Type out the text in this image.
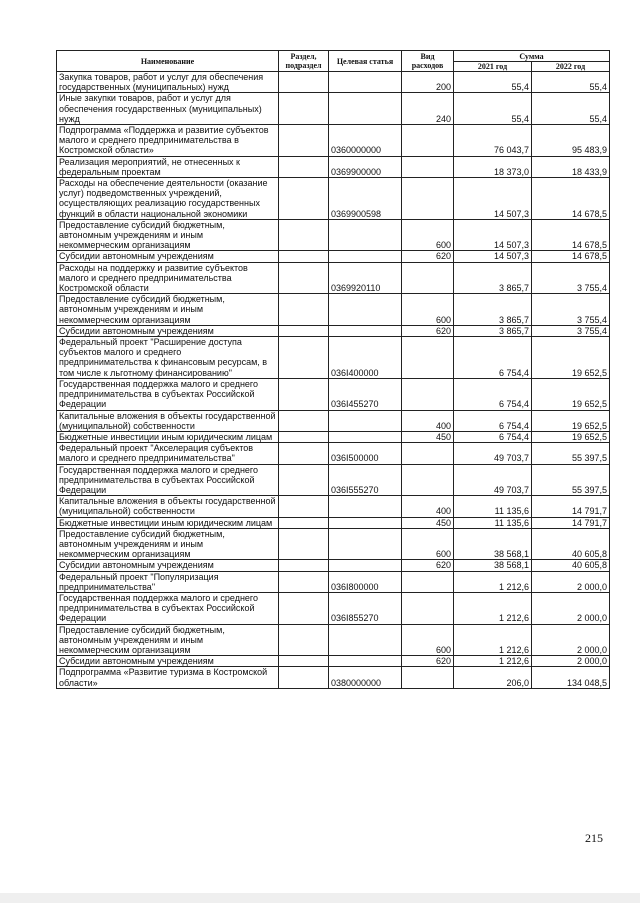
Наименование	Раздел, подраздел	Целевая статья	Вид расходов	Сумма	
				2021 год	2022 год
Закупка товаров, работ и услуг для обеспечения государственных (муниципальных) нужд			200	55,4	55,4
Иные закупки товаров, работ и услуг для обеспечения государственных (муниципальных) нужд			240	55,4	55,4
Подпрограмма «Поддержка и развитие субъектов малого и среднего предпринимательства в Костромской области»		0360000000		76 043,7	95 483,9
Реализация мероприятий, не отнесенных к федеральным проектам		0369900000		18 373,0	18 433,9
Расходы на обеспечение деятельности (оказание услуг) подведомственных учреждений, осуществляющих реализацию государственных функций в области национальной экономики		0369900598		14 507,3	14 678,5
Предоставление субсидий бюджетным, автономным учреждениям и иным некоммерческим организациям			600	14 507,3	14 678,5
Субсидии автономным учреждениям			620	14 507,3	14 678,5
Расходы на поддержку и развитие субъектов малого и среднего предпринимательства Костромской области		0369920110		3 865,7	3 755,4
Предоставление субсидий бюджетным, автономным учреждениям и иным некоммерческим организациям			600	3 865,7	3 755,4
Субсидии автономным учреждениям			620	3 865,7	3 755,4
Федеральный проект "Расширение доступа субъектов малого и среднего предпринимательства к финансовым ресурсам, в том числе к льготному финансированию"		036I400000		6 754,4	19 652,5
Государственная поддержка малого и среднего предпринимательства в субъектах Российской Федерации		036I455270		6 754,4	19 652,5
Капитальные вложения в объекты государственной (муниципальной) собственности			400	6 754,4	19 652,5
Бюджетные инвестиции иным юридическим лицам			450	6 754,4	19 652,5
Федеральный проект "Акселерация субъектов малого и среднего предпринимательства"		036I500000		49 703,7	55 397,5
Государственная поддержка малого и среднего предпринимательства в субъектах Российской Федерации		036I555270		49 703,7	55 397,5
Капитальные вложения в объекты государственной (муниципальной) собственности			400	11 135,6	14 791,7
Бюджетные инвестиции иным юридическим лицам			450	11 135,6	14 791,7
Предоставление субсидий бюджетным, автономным учреждениям и иным некоммерческим организациям			600	38 568,1	40 605,8
Субсидии автономным учреждениям			620	38 568,1	40 605,8
Федеральный проект "Популяризация предпринимательства"		036I800000		1 212,6	2 000,0
Государственная поддержка малого и среднего предпринимательства в субъектах Российской Федерации		036I855270		1 212,6	2 000,0
Предоставление субсидий бюджетным, автономным учреждениям и иным некоммерческим организациям			600	1 212,6	2 000,0
Субсидии автономным учреждениям			620	1 212,6	2 000,0
Подпрограмма «Развитие туризма в Костромской области»		0380000000		206,0	134 048,5
215
